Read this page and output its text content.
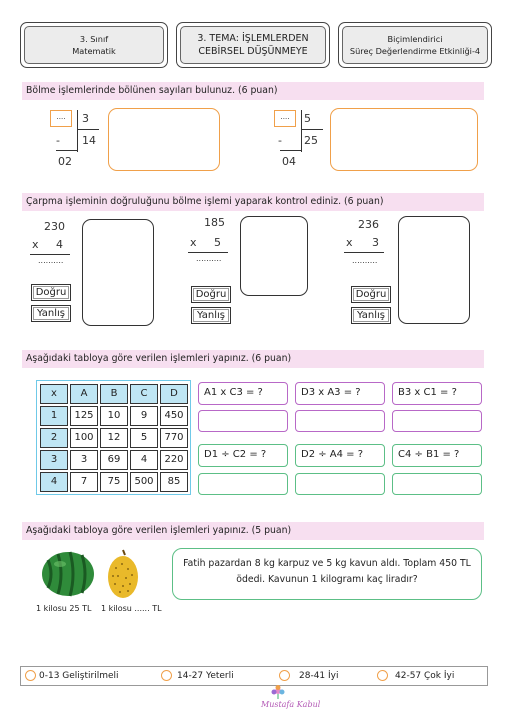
3. Sınıf
Matematik
3. TEMA: İŞLEMLERDEN
CEBİRSEL DÜŞÜNMEYE
Biçimlendirici
Süreç Değerlendirme Etkinliği-4
Bölme işlemlerinde bölünen sayıları bulunuz. (6 puan)
....	3
- 14
02
....	5
- 25
04
Çarpma işleminin doğruluğunu bölme işlemi yaparak kontrol ediniz. (6 puan)
230
x 4
..........
Doğru
Yanlış
185
x 5
..........
Doğru
Yanlış
236
x 3
..........
Doğru
Yanlış
Aşağıdaki tabloya göre verilen işlemleri yapınız. (6 puan)
x	A	B	C	D
1	125	10	9	450
2	100	12	5	770
3	3	69	4	220
4	7	75	500	85
A1 x C3 = ?	D3 x A3 = ?	B3 x C1 = ?
D1 ÷ C2 = ?	D2 ÷ A4 = ?	C4 ÷ B1 = ?
Aşağıdaki tabloya göre verilen işlemleri yapınız. (5 puan)
1 kilosu 25 TL 1 kilosu ...... TL
Fatih pazardan 8 kg karpuz ve 5 kg kavun aldı. Toplam 450 TL
ödedi. Kavunun 1 kilogramı kaç liradır?
0-13 Geliştirilmeli	14-27 Yeterli	28-41 İyi	42-57 Çok İyi
Mustafa Kabul
